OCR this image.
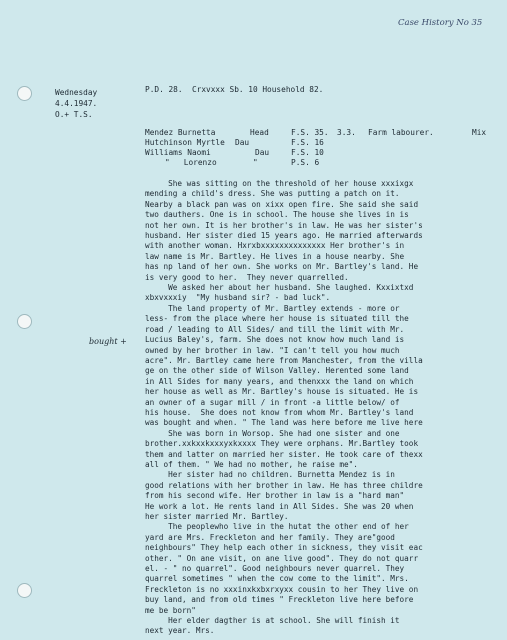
Case History No 35
Wednesday
4.4.1947.
O.+ T.S.
P.D. 28.  Crxvxxx Sb. 10 Household 82.
Mendez Burnetta	Head	F.S. 35. 3.3. Farm labourer.	Mix
Hutchinson Myrtle Dau	F.S. 16
Williams Naomi	Dau	F.S. 10
"   Lorenzo	"	P.S. 6
bought +
She was sitting on the threshold of her house xxxixgx
mending a child's dress. She was putting a patch on it.
Nearby a black pan was on xixx open fire. She said she said
two dauthers. One is in school. The house she lives in is
not her own. It is her brother's in law. He was her sister's
husband. Her sister died 15 years ago. He married afterwards
with another woman. Hxrxbxxxxxxxxxxxxxx Her brother's in
law name is Mr. Bartley. He lives in a house nearby. She
has np land of her own. She works on Mr. Bartley's land. He
is very good to her.  They never quarrelled.
We asked her about her husband. She laughed. Kxxixtxd
xbxvxxxiy  "My husband sir? - bad luck".
The land property of Mr. Bartley extends - more or
less- from the place where her house is situated till the
road / leading to All Sides/ and till the limit with Mr.
Lucius Baley's, farm. She does not know how much land is
owned by her brother in law. "I can't tell you how much
acre". Mr. Bartley came here from Manchester, from the villa
ge on the other side of Wilson Valley. Herented some land
in All Sides for many years, and thenxxx the land on which
her house as well as Mr. Bartley's house is situated. He is
an owner of a sugar mill / in front -a little below/ of
his house.  She does not know from whom Mr. Bartley's land
was bought and when. " The land was here before me live here
She was born in Worsop. She had one sister and one
brother.xxkxxkxxxyxkxxxx They were orphans. Mr.Bartley took
them and latter on married her sister. He took care of thexx
all of them. " We had no mother, he raise me".
Her sister had no children. Burnetta Mendez is in
good relations with her brother in law. He has three childre
from his second wife. Her brother in law is a "hard man"
He work a lot. He rents land in All Sides. She was 20 when
her sister married Mr. Bartley.
The peoplewho live in the hutat the other end of her
yard are Mrs. Freckleton and her family. They are"good
neighbours" They help each other in sickness, they visit eac
other. " On ane visit, on ane live good". They do not quarr
el. - " no quarrel". Good neighbours never quarrel. They
quarrel sometimes " when the cow come to the limit". Mrs.
Freckleton is no xxxinxkxbxrxyxx cousin to her They live on
buy land, and from old times " Freckleton live here before
me be born"
Her elder dagther is at school. She will finish it
next year. Mrs.
